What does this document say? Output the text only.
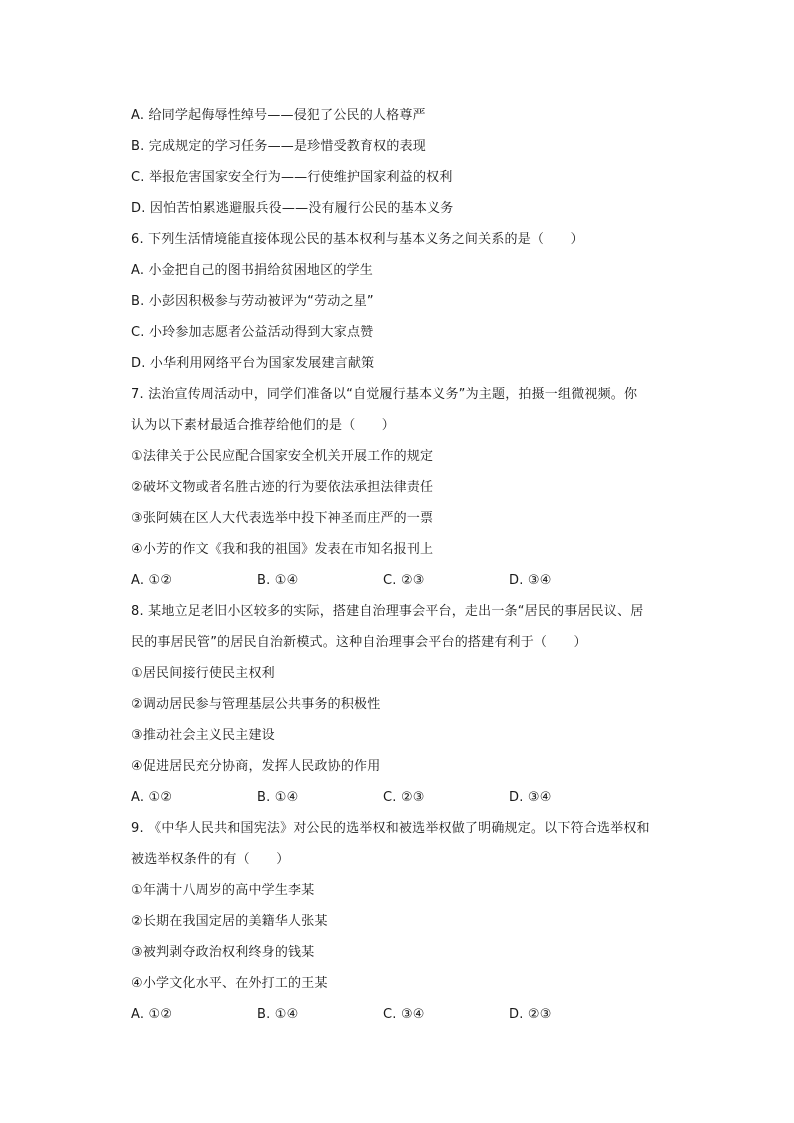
A. 给同学起侮辱性绰号——侵犯了公民的人格尊严
B. 完成规定的学习任务——是珍惜受教育权的表现
C. 举报危害国家安全行为——行使维护国家利益的权利
D. 因怕苦怕累逃避服兵役——没有履行公民的基本义务
6. 下列生活情境能直接体现公民的基本权利与基本义务之间关系的是（　　）
A. 小金把自己的图书捐给贫困地区的学生
B. 小彭因积极参与劳动被评为“劳动之星”
C. 小玲参加志愿者公益活动得到大家点赞
D. 小华利用网络平台为国家发展建言献策
7. 法治宣传周活动中，同学们准备以“自觉履行基本义务”为主题，拍摄一组微视频。你
认为以下素材最适合推荐给他们的是（　　）
①法律关于公民应配合国家安全机关开展工作的规定
②破坏文物或者名胜古迹的行为要依法承担法律责任
③张阿姨在区人大代表选举中投下神圣而庄严的一票
④小芳的作文《我和我的祖国》发表在市知名报刊上
A. ①②	B. ①④	C. ②③	D. ③④
8. 某地立足老旧小区较多的实际，搭建自治理事会平台，走出一条“居民的事居民议、居
民的事居民管”的居民自治新模式。这种自治理事会平台的搭建有利于（　　）
①居民间接行使民主权利
②调动居民参与管理基层公共事务的积极性
③推动社会主义民主建设
④促进居民充分协商，发挥人民政协的作用
A. ①②	B. ①④	C. ②③	D. ③④
9. 《中华人民共和国宪法》对公民的选举权和被选举权做了明确规定。以下符合选举权和
被选举权条件的有（　　）
①年满十八周岁的高中学生李某
②长期在我国定居的美籍华人张某
③被判剥夺政治权利终身的钱某
④小学文化水平、在外打工的王某
A. ①②	B. ①④	C. ③④	D. ②③
